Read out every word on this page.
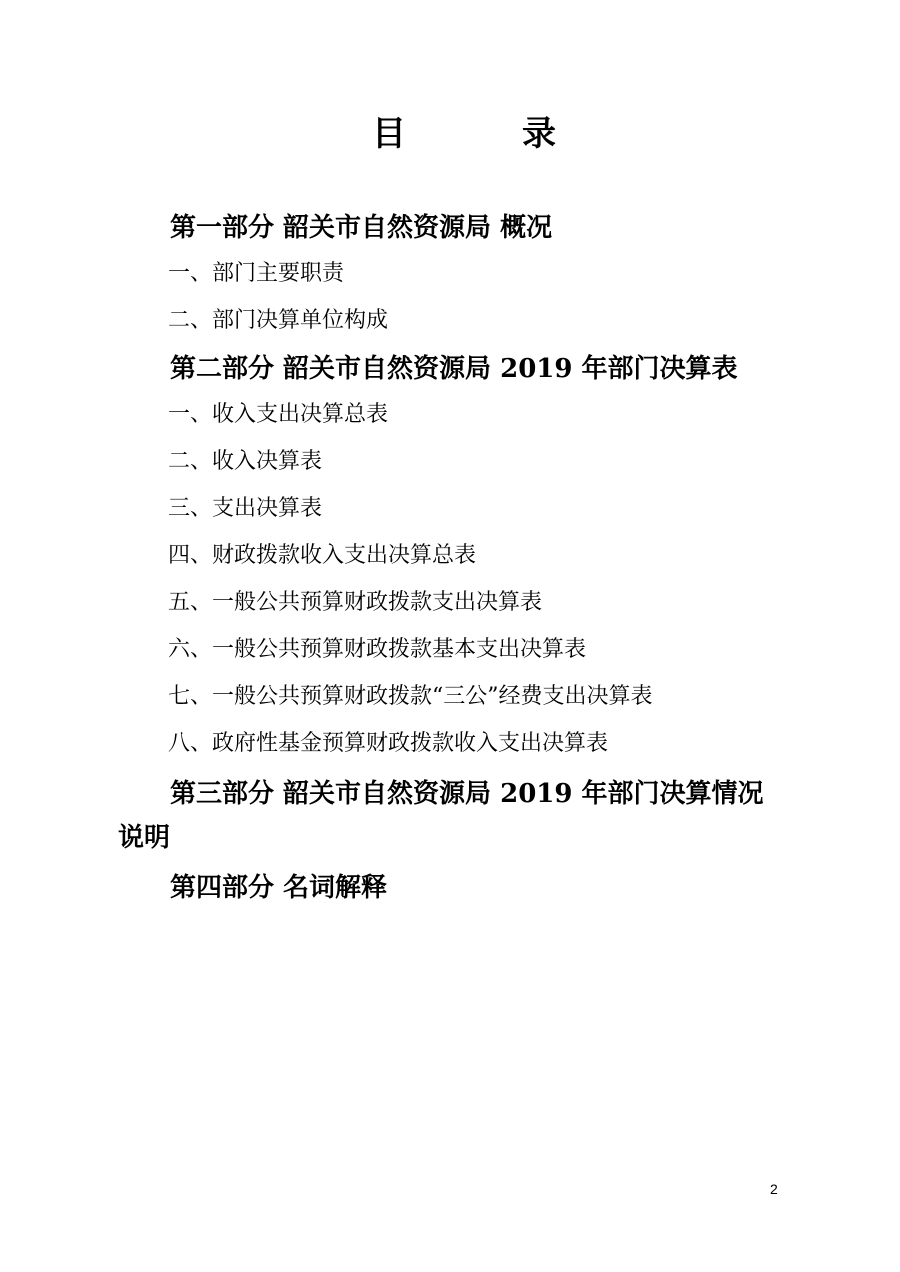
目	录
第一部分 韶关市自然资源局 概况
一、部门主要职责
二、部门决算单位构成
第二部分 韶关市自然资源局 2019 年部门决算表
一、收入支出决算总表
二、收入决算表
三、支出决算表
四、财政拨款收入支出决算总表
五、一般公共预算财政拨款支出决算表
六、一般公共预算财政拨款基本支出决算表
七、一般公共预算财政拨款“三公”经费支出决算表
八、政府性基金预算财政拨款收入支出决算表
第三部分 韶关市自然资源局 2019 年部门决算情况
说明
第四部分 名词解释
2
